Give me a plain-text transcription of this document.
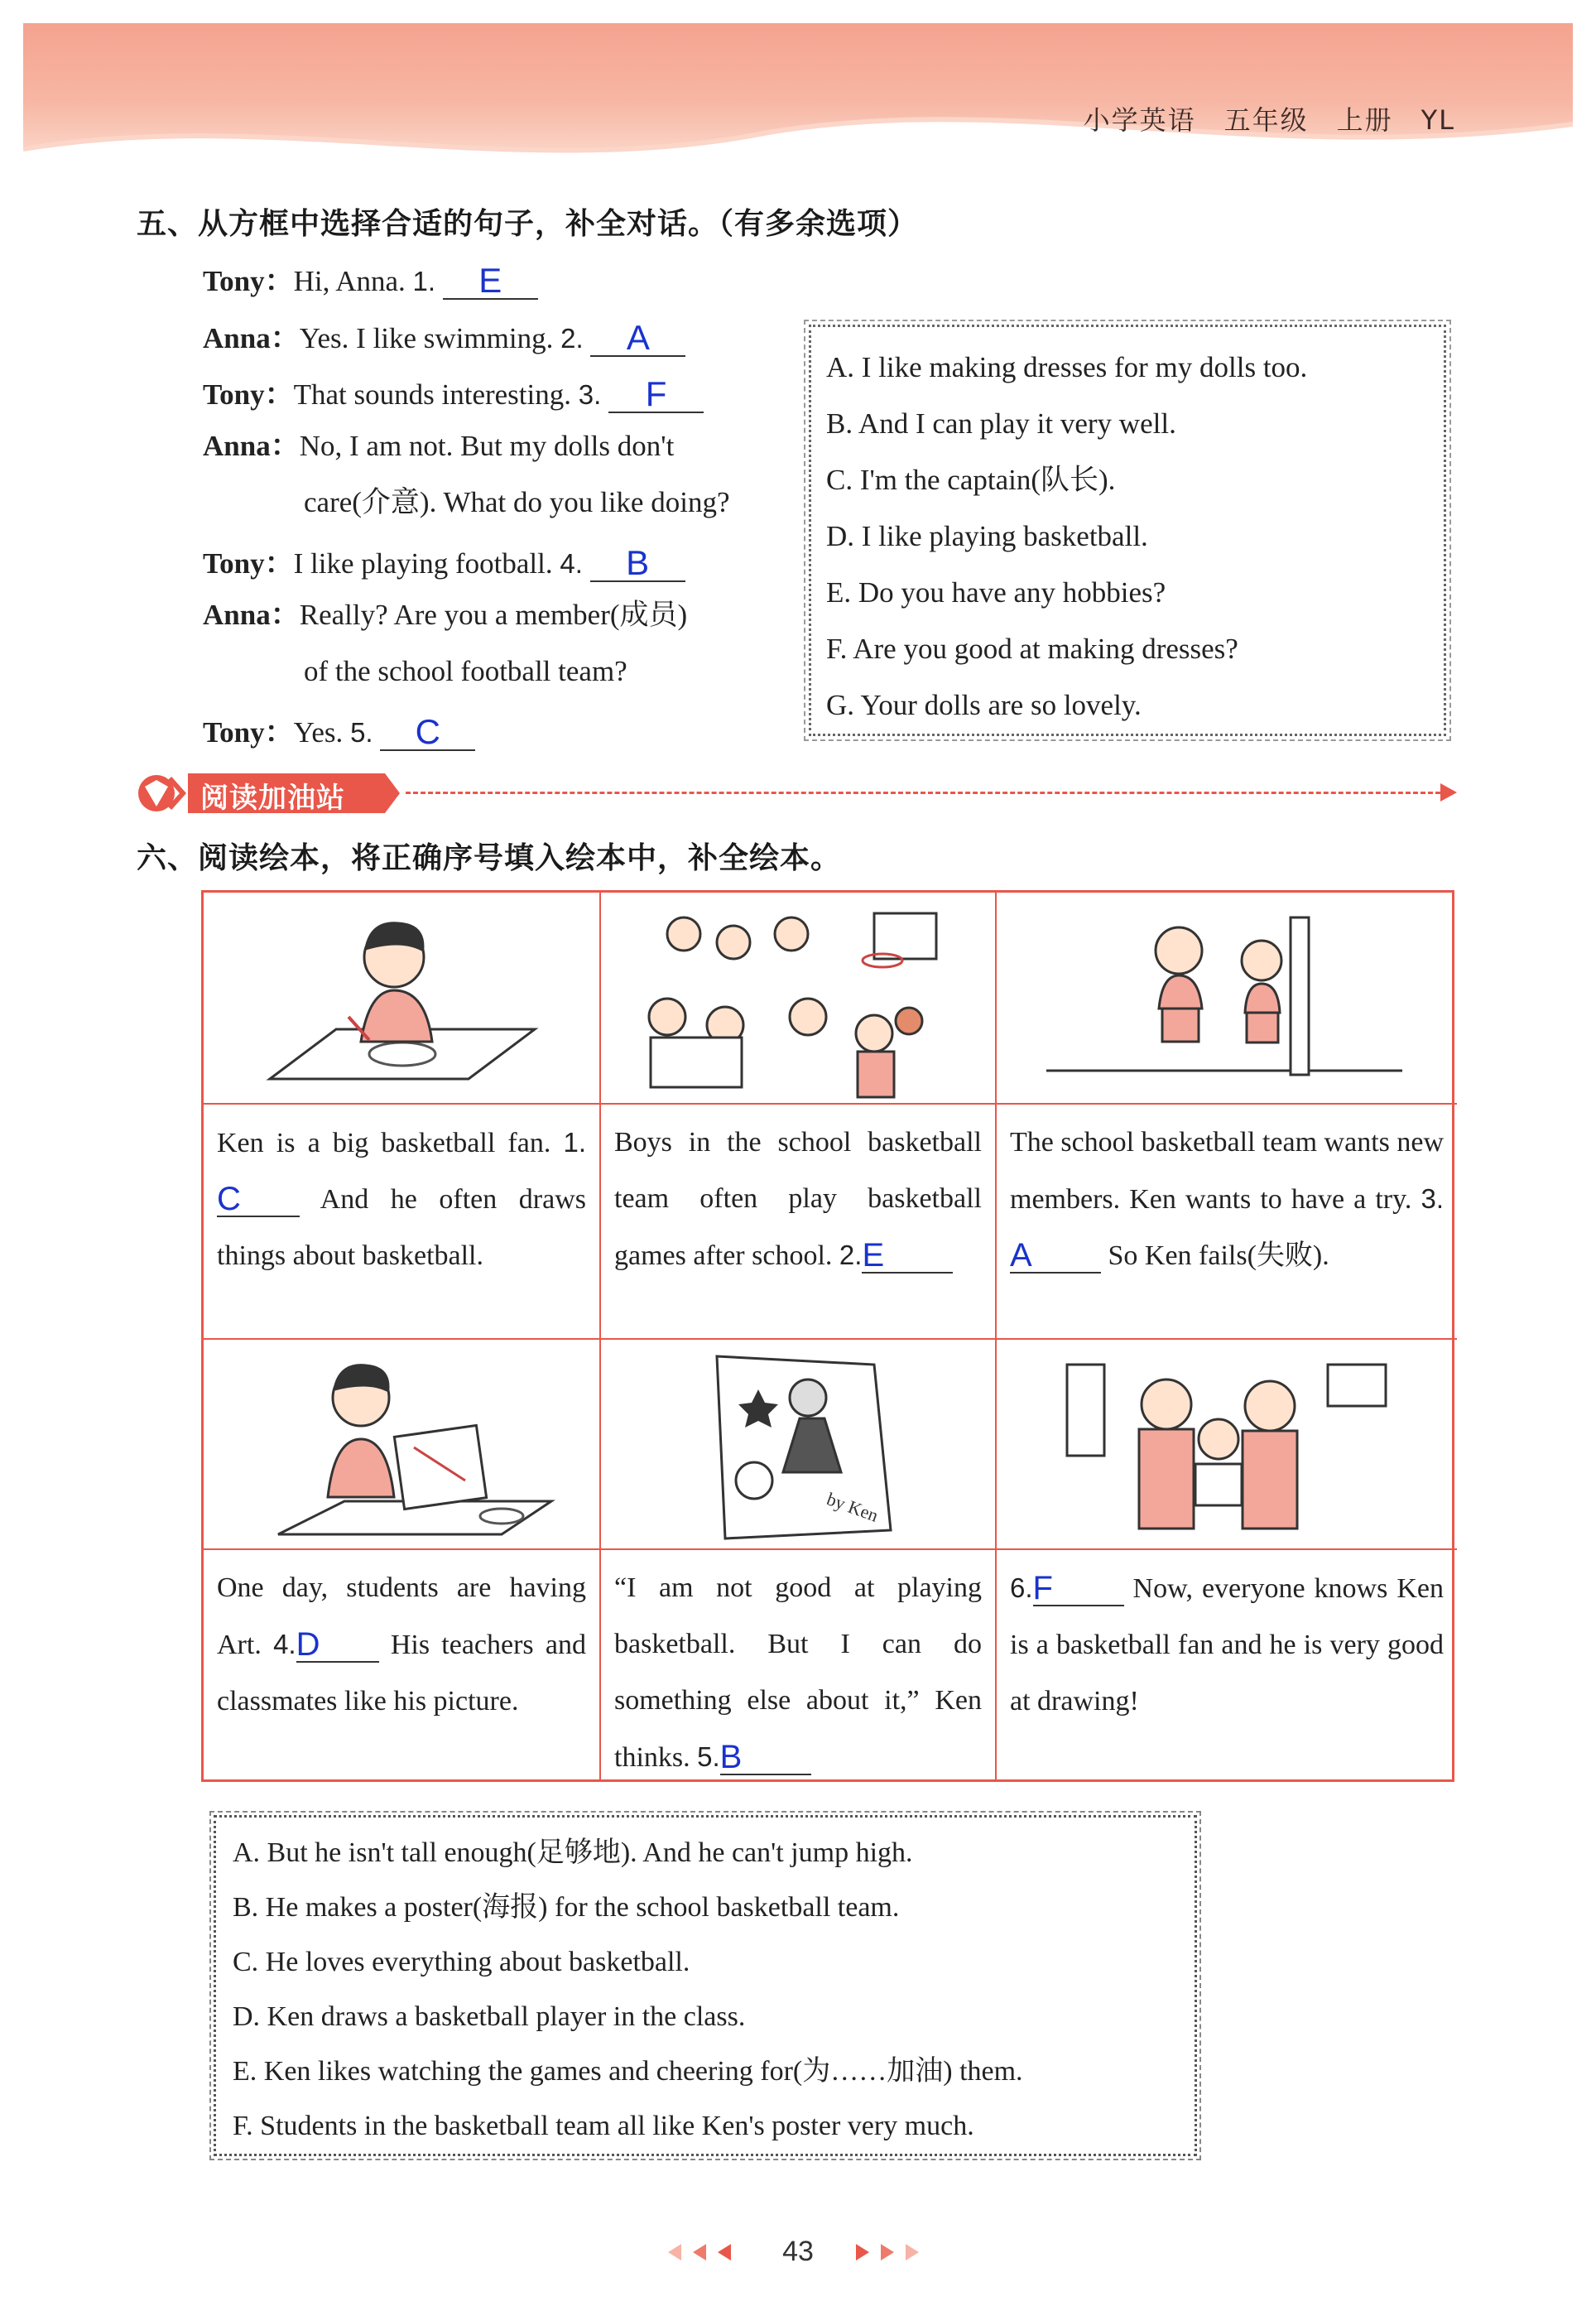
小学英语 五年级 上册 YL
五、从方框中选择合适的句子，补全对话。（有多余选项）
Tony：Hi, Anna. 1. E
Anna：Yes. I like swimming. 2. A
Tony：That sounds interesting. 3. F
Anna：No, I am not. But my dolls don't
care(介意). What do you like doing?
Tony：I like playing football. 4. B
Anna：Really? Are you a member(成员)
of the school football team?
Tony：Yes. 5. C
A. I like making dresses for my dolls too.
B. And I can play it very well.
C. I'm the captain(队长).
D. I like playing basketball.
E. Do you have any hobbies?
F. Are you good at making dresses?
G. Your dolls are so lovely.
阅读加油站
六、阅读绘本，将正确序号填入绘本中，补全绘本。
Ken is a big basketball fan. 1.C And he often draws things about basketball.
Boys in the school basketball team often play basketball games after school. 2.E
The school basketball team wants new members. Ken wants to have a try. 3.A So Ken fails(失败).
by Ken
One day, students are having Art. 4.D His teachers and classmates like his picture.
“I am not good at playing basketball. But I can do something else about it,” Ken thinks. 5.B
6.F	Now, everyone knows Ken is a basketball fan and he is very good at drawing!
A. But he isn't tall enough(足够地). And he can't jump high.
B. He makes a poster(海报) for the school basketball team.
C. He loves everything about basketball.
D. Ken draws a basketball player in the class.
E. Ken likes watching the games and cheering for(为……加油) them.
F. Students in the basketball team all like Ken's poster very much.
43
